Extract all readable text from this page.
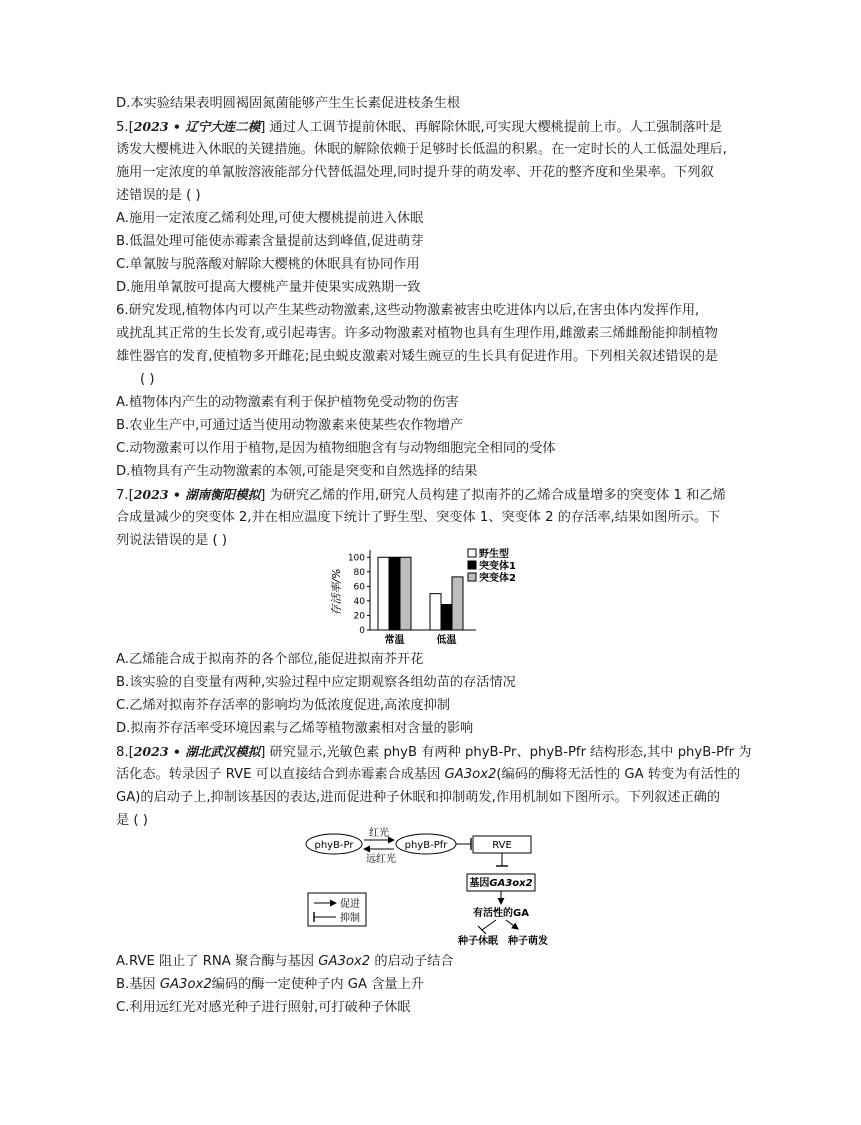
D.本实验结果表明圆褐固氮菌能够产生生长素促进枝条生根
5.[2023 • 辽宁大连二模] 通过人工调节提前休眠、再解除休眠,可实现大樱桃提前上市。人工强制落叶是
诱发大樱桃进入休眠的关键措施。休眠的解除依赖于足够时长低温的积累。在一定时长的人工低温处理后,
施用一定浓度的单氰胺溶液能部分代替低温处理,同时提升芽的萌发率、开花的整齐度和坐果率。下列叙
述错误的是 ( )
A.施用一定浓度乙烯利处理,可使大樱桃提前进入休眠
B.低温处理可能使赤霉素含量提前达到峰值,促进萌芽
C.单氰胺与脱落酸对解除大樱桃的休眠具有协同作用
D.施用单氰胺可提高大樱桃产量并使果实成熟期一致
6.研究发现,植物体内可以产生某些动物激素,这些动物激素被害虫吃进体内以后,在害虫体内发挥作用,
或扰乱其正常的生长发育,或引起毒害。许多动物激素对植物也具有生理作用,雌激素三烯雌酚能抑制植物
雄性器官的发育,使植物多开雌花;昆虫蜕皮激素对矮生豌豆的生长具有促进作用。下列相关叙述错误的是
( )
A.植物体内产生的动物激素有利于保护植物免受动物的伤害
B.农业生产中,可通过适当使用动物激素来使某些农作物增产
C.动物激素可以作用于植物,是因为植物细胞含有与动物细胞完全相同的受体
D.植物具有产生动物激素的本领,可能是突变和自然选择的结果
7.[2023 • 湖南衡阳模拟] 为研究乙烯的作用,研究人员构建了拟南芥的乙烯合成量增多的突变体 1 和乙烯
合成量减少的突变体 2,并在相应温度下统计了野生型、突变体 1、突变体 2 的存活率,结果如图所示。下
列说法错误的是 ( )
存活率/%
0
20
40
60
80
100
常温	低温
野生型
突变体1
突变体2
A.乙烯能合成于拟南芥的各个部位,能促进拟南芥开花
B.该实验的自变量有两种,实验过程中应定期观察各组幼苗的存活情况
C.乙烯对拟南芥存活率的影响均为低浓度促进,高浓度抑制
D.拟南芥存活率受环境因素与乙烯等植物激素相对含量的影响
8.[2023 • 湖北武汉模拟] 研究显示,光敏色素 phyB 有两种 phyB-Pr、phyB-Pfr 结构形态,其中 phyB-Pfr 为
活化态。转录因子 RVE 可以直接结合到赤霉素合成基因 GA3ox2(编码的酶将无活性的 GA 转变为有活性的
GA)的启动子上,抑制该基因的表达,进而促进种子休眠和抑制萌发,作用机制如下图所示。下列叙述正确的
是 ( )
phyB-Pr	phyB-Pfr
红光
远红光
RVE
基因GA3ox2
有活性的GA
种子休眠 种子萌发
促进
抑制
A.RVE 阻止了 RNA 聚合酶与基因 GA3ox2 的启动子结合
B.基因 GA3ox2编码的酶一定使种子内 GA 含量上升
C.利用远红光对感光种子进行照射,可打破种子休眠
